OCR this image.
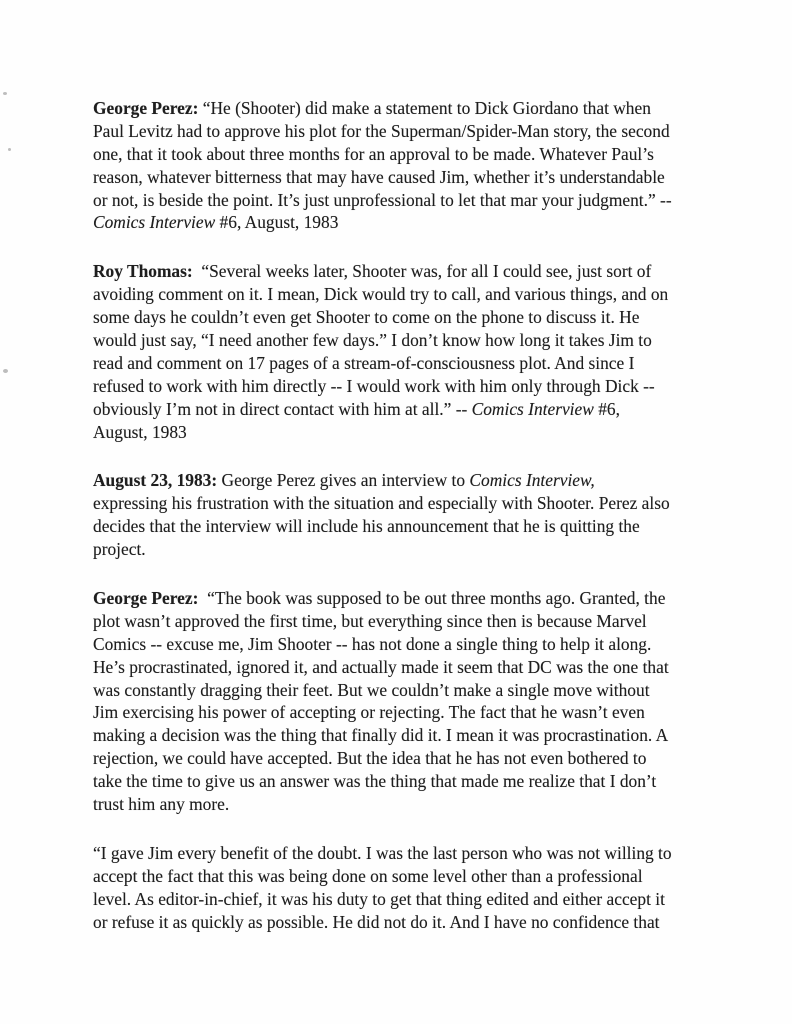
George Perez: “He (Shooter) did make a statement to Dick Giordano that when
Paul Levitz had to approve his plot for the Superman/Spider-Man story, the second
one, that it took about three months for an approval to be made. Whatever Paul’s
reason, whatever bitterness that may have caused Jim, whether it’s understandable
or not, is beside the point. It’s just unprofessional to let that mar your judgment.” --
Comics Interview #6, August, 1983
Roy Thomas:  “Several weeks later, Shooter was, for all I could see, just sort of
avoiding comment on it. I mean, Dick would try to call, and various things, and on
some days he couldn’t even get Shooter to come on the phone to discuss it. He
would just say, “I need another few days.” I don’t know how long it takes Jim to
read and comment on 17 pages of a stream-of-consciousness plot. And since I
refused to work with him directly -- I would work with him only through Dick --
obviously I’m not in direct contact with him at all.” -- Comics Interview #6,
August, 1983
August 23, 1983: George Perez gives an interview to Comics Interview,
expressing his frustration with the situation and especially with Shooter. Perez also
decides that the interview will include his announcement that he is quitting the
project.
George Perez:  “The book was supposed to be out three months ago. Granted, the
plot wasn’t approved the first time, but everything since then is because Marvel
Comics -- excuse me, Jim Shooter -- has not done a single thing to help it along.
He’s procrastinated, ignored it, and actually made it seem that DC was the one that
was constantly dragging their feet. But we couldn’t make a single move without
Jim exercising his power of accepting or rejecting. The fact that he wasn’t even
making a decision was the thing that finally did it. I mean it was procrastination. A
rejection, we could have accepted. But the idea that he has not even bothered to
take the time to give us an answer was the thing that made me realize that I don’t
trust him any more.
“I gave Jim every benefit of the doubt. I was the last person who was not willing to
accept the fact that this was being done on some level other than a professional
level. As editor-in-chief, it was his duty to get that thing edited and either accept it
or refuse it as quickly as possible. He did not do it. And I have no confidence that
